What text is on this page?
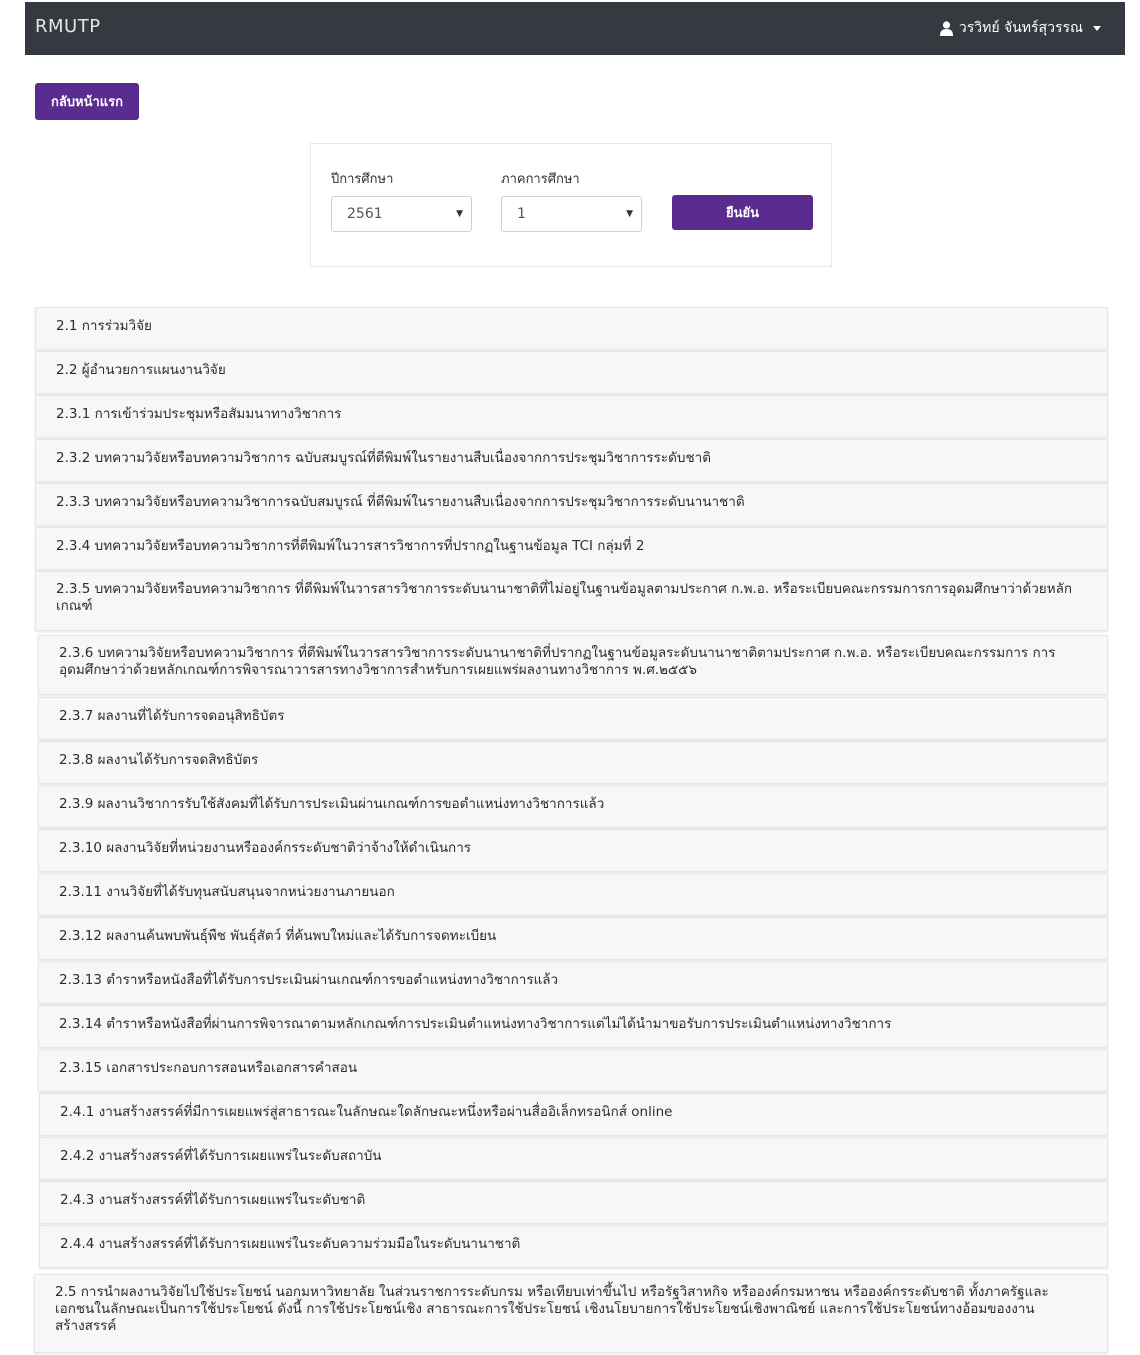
RMUTP	วรวิทย์ จันทร์สุวรรณ
กลับหน้าแรก
ปีการศึกษา
2561	▼
ภาคการศึกษา
1	▼	ยืนยัน
2.1 การร่วมวิจัย
2.2 ผู้อำนวยการแผนงานวิจัย
2.3.1 การเข้าร่วมประชุมหรือสัมมนาทางวิชาการ
2.3.2 บทความวิจัยหรือบทความวิชาการ ฉบับสมบูรณ์ที่ตีพิมพ์ในรายงานสืบเนื่องจากการประชุมวิชาการระดับชาติ
2.3.3 บทความวิจัยหรือบทความวิชาการฉบับสมบูรณ์ ที่ตีพิมพ์ในรายงานสืบเนื่องจากการประชุมวิชาการระดับนานาชาติ
2.3.4 บทความวิจัยหรือบทความวิชาการที่ตีพิมพ์ในวารสารวิชาการที่ปรากฏในฐานข้อมูล TCI กลุ่มที่ 2
2.3.5 บทความวิจัยหรือบทความวิชาการ ที่ตีพิมพ์ในวารสารวิชาการระดับนานาชาติที่ไม่อยู่ในฐานข้อมูลตามประกาศ ก.พ.อ. หรือระเบียบคณะกรรมการการอุดมศึกษาว่าด้วยหลักเกณฑ์
2.3.6 บทความวิจัยหรือบทความวิชาการ ที่ตีพิมพ์ในวารสารวิชาการระดับนานาชาติที่ปรากฏในฐานข้อมูลระดับนานาชาติตามประกาศ ก.พ.อ. หรือระเบียบคณะกรรมการ การอุดมศึกษาว่าด้วยหลักเกณฑ์การพิจารณาวารสารทางวิชาการสำหรับการเผยแพร่ผลงานทางวิชาการ พ.ศ.๒๕๕๖
2.3.7 ผลงานที่ได้รับการจดอนุสิทธิบัตร
2.3.8 ผลงานได้รับการจดสิทธิบัตร
2.3.9 ผลงานวิชาการรับใช้สังคมที่ได้รับการประเมินผ่านเกณฑ์การขอตำแหน่งทางวิชาการแล้ว
2.3.10 ผลงานวิจัยที่หน่วยงานหรือองค์กรระดับชาติว่าจ้างให้ดำเนินการ
2.3.11 งานวิจัยที่ได้รับทุนสนับสนุนจากหน่วยงานภายนอก
2.3.12 ผลงานค้นพบพันธุ์พืช พันธุ์สัตว์ ที่ค้นพบใหม่และได้รับการจดทะเบียน
2.3.13 ตำราหรือหนังสือที่ได้รับการประเมินผ่านเกณฑ์การขอตำแหน่งทางวิชาการแล้ว
2.3.14 ตำราหรือหนังสือที่ผ่านการพิจารณาตามหลักเกณฑ์การประเมินตำแหน่งทางวิชาการแต่ไม่ได้นำมาขอรับการประเมินตำแหน่งทางวิชาการ
2.3.15 เอกสารประกอบการสอนหรือเอกสารคำสอน
2.4.1 งานสร้างสรรค์ที่มีการเผยแพร่สู่สาธารณะในลักษณะใดลักษณะหนึ่งหรือผ่านสื่ออิเล็กทรอนิกส์ online
2.4.2 งานสร้างสรรค์ที่ได้รับการเผยแพร่ในระดับสถาบัน
2.4.3 งานสร้างสรรค์ที่ได้รับการเผยแพร่ในระดับชาติ
2.4.4 งานสร้างสรรค์ที่ได้รับการเผยแพร่ในระดับความร่วมมือในระดับนานาชาติ
2.5 การนำผลงานวิจัยไปใช้ประโยชน์ นอกมหาวิทยาลัย ในส่วนราชการระดับกรม หรือเทียบเท่าขึ้นไป หรือรัฐวิสาหกิจ หรือองค์กรมหาชน หรือองค์กรระดับชาติ ทั้งภาครัฐและเอกชนในลักษณะเป็นการใช้ประโยชน์ ดังนี้ การใช้ประโยชน์เชิง สาธารณะการใช้ประโยชน์ เชิงนโยบายการใช้ประโยชน์เชิงพาณิชย์ และการใช้ประโยชน์ทางอ้อมของงานสร้างสรรค์
